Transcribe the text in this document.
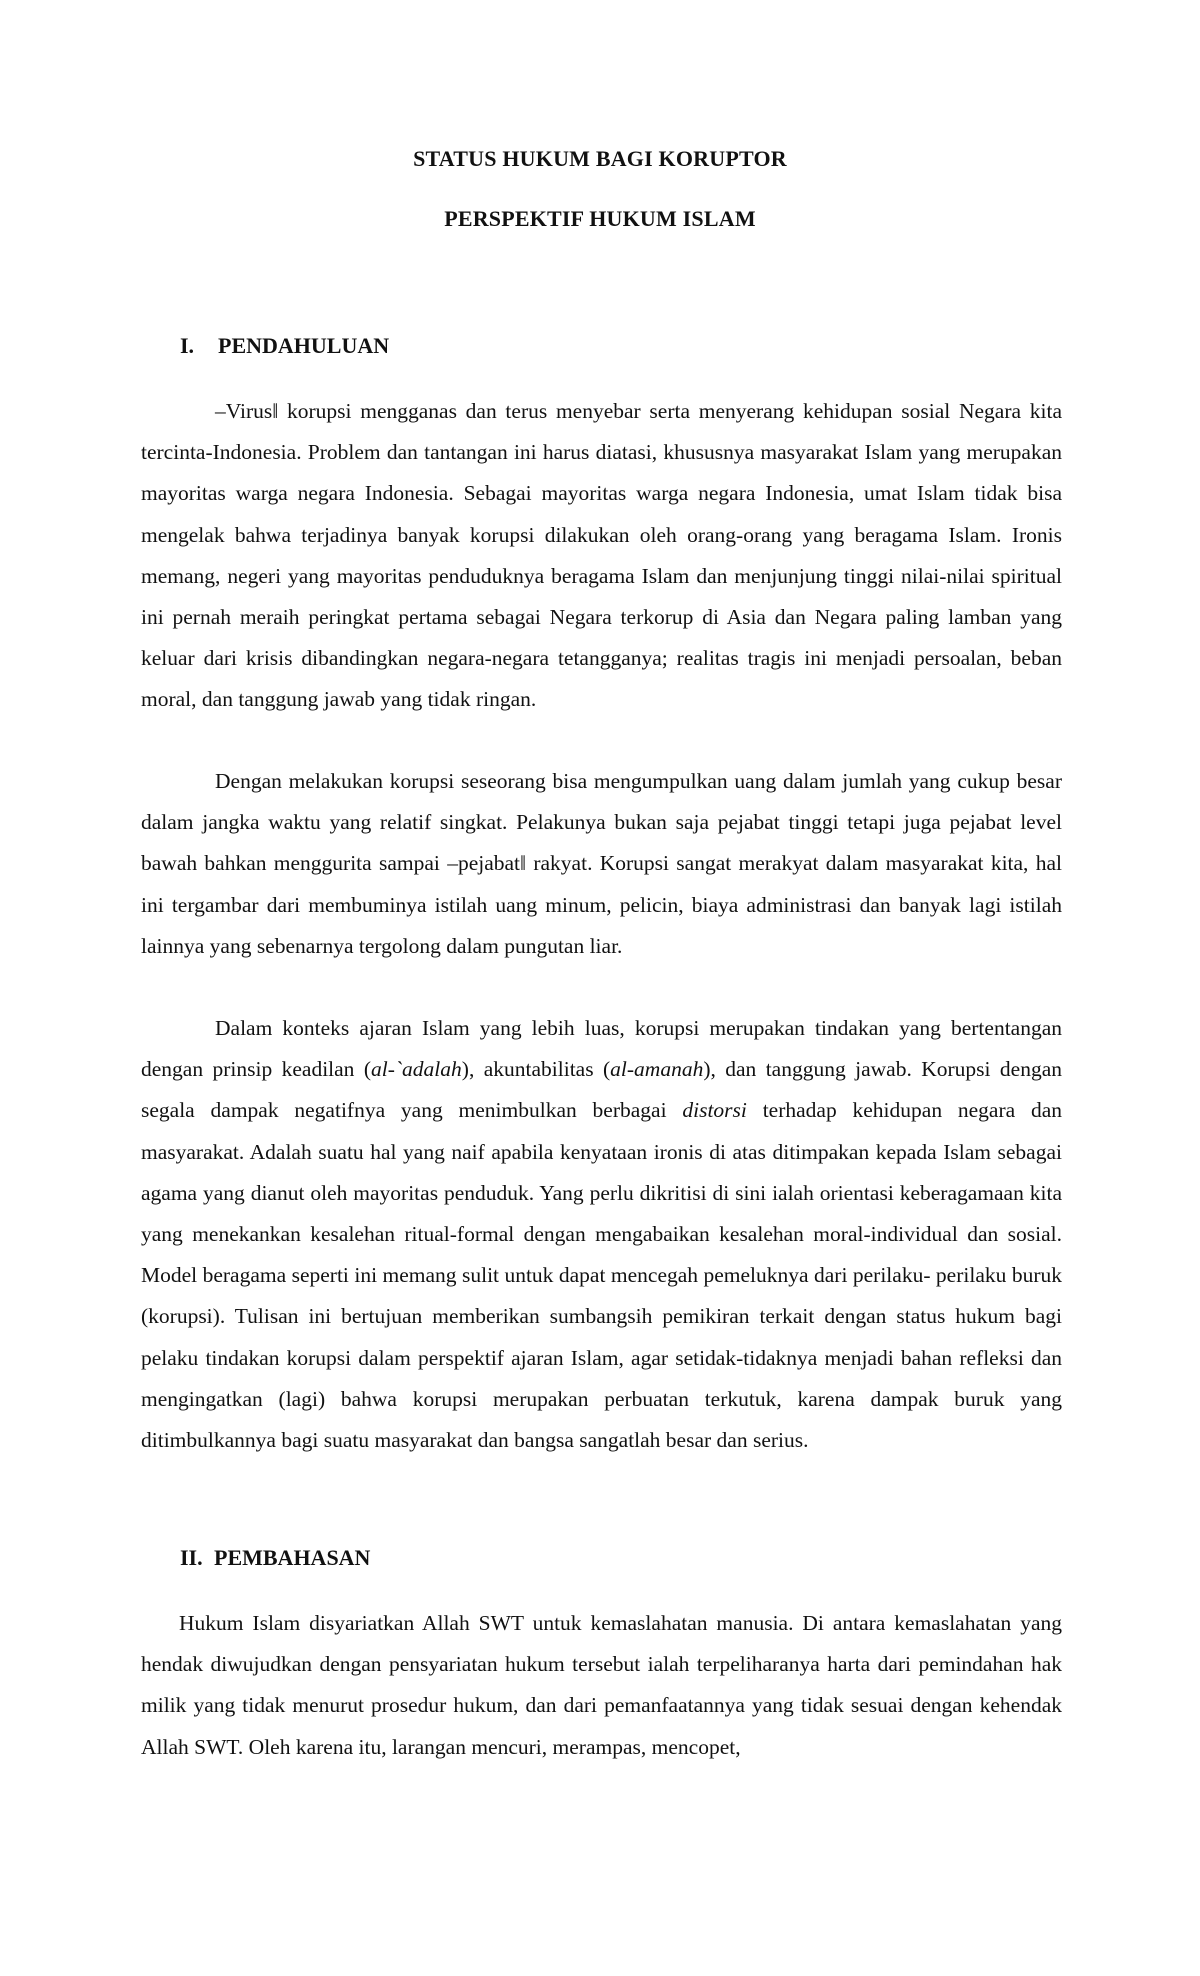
STATUS HUKUM BAGI KORUPTOR
PERSPEKTIF HUKUM ISLAM
I. PENDAHULUAN

‒Virus‖ korupsi mengganas dan terus menyebar serta menyerang kehidupan sosial Negara kita tercinta-Indonesia. Problem dan tantangan ini harus diatasi, khususnya masyarakat Islam yang merupakan mayoritas warga negara Indonesia. Sebagai mayoritas warga negara Indonesia, umat Islam tidak bisa mengelak bahwa terjadinya banyak korupsi dilakukan oleh orang-orang yang beragama Islam. Ironis memang, negeri yang mayoritas penduduknya beragama Islam dan menjunjung tinggi nilai-nilai spiritual ini pernah meraih peringkat pertama sebagai Negara terkorup di Asia dan Negara paling lamban yang keluar dari krisis dibandingkan negara-negara tetangganya; realitas tragis ini menjadi persoalan, beban moral, dan tanggung jawab yang tidak ringan.

Dengan melakukan korupsi seseorang bisa mengumpulkan uang dalam jumlah yang cukup besar dalam jangka waktu yang relatif singkat. Pelakunya bukan saja pejabat tinggi tetapi juga pejabat level bawah bahkan menggurita sampai ‒pejabat‖ rakyat. Korupsi sangat merakyat dalam masyarakat kita, hal ini tergambar dari membuminya istilah uang minum, pelicin, biaya administrasi dan banyak lagi istilah lainnya yang sebenarnya tergolong dalam pungutan liar.

Dalam konteks ajaran Islam yang lebih luas, korupsi merupakan tindakan yang bertentangan dengan prinsip keadilan (al-`adalah), akuntabilitas (al-amanah), dan tanggung jawab. Korupsi dengan segala dampak negatifnya yang menimbulkan berbagai distorsi terhadap kehidupan negara dan masyarakat. Adalah suatu hal yang naif apabila kenyataan ironis di atas ditimpakan kepada Islam sebagai agama yang dianut oleh mayoritas penduduk. Yang perlu dikritisi di sini ialah orientasi keberagamaan kita yang menekankan kesalehan ritual-formal dengan mengabaikan kesalehan moral-individual dan sosial. Model beragama seperti ini memang sulit untuk dapat mencegah pemeluknya dari perilaku- perilaku buruk (korupsi). Tulisan ini bertujuan memberikan sumbangsih pemikiran terkait dengan status hukum bagi pelaku tindakan korupsi dalam perspektif ajaran Islam, agar setidak-tidaknya menjadi bahan refleksi dan mengingatkan (lagi) bahwa korupsi merupakan perbuatan terkutuk, karena dampak buruk yang ditimbulkannya bagi suatu masyarakat dan bangsa sangatlah besar dan serius.

II. PEMBAHASAN

Hukum Islam disyariatkan Allah SWT untuk kemaslahatan manusia. Di antara kemaslahatan yang hendak diwujudkan dengan pensyariatan hukum tersebut ialah terpeliharanya harta dari pemindahan hak milik yang tidak menurut prosedur hukum, dan dari pemanfaatannya yang tidak sesuai dengan kehendak Allah SWT. Oleh karena itu, larangan mencuri, merampas, mencopet,
